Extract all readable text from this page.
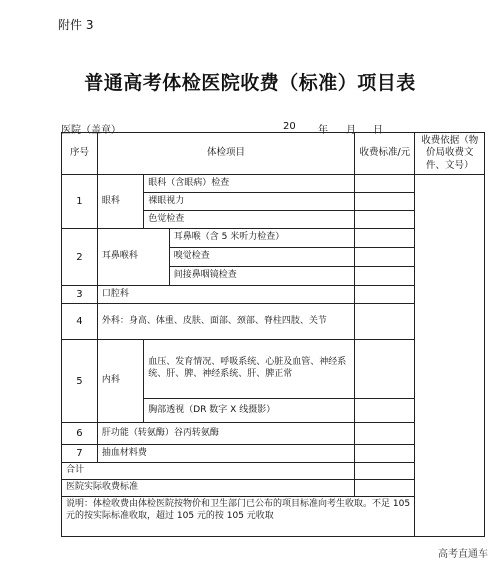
附件 3
普通高考体检医院收费（标准）项目表
医院（盖章）	20 年 月 日
序号	体检项目			收费标准/元	收费依据（物价局收费文件、文号）
1	眼科	眼科（含眼病）检查			
		裸眼视力			
		色觉检查			
2	耳鼻喉科		耳鼻喉（含 5 米听力检查）		
			嗅觉检查		
			间接鼻咽镜检查		
3	口腔科				
4	外科：身高、体重、皮肤、面部、颈部、脊柱四肢、关节				
5	内科	血压、发育情况、呼吸系统、心脏及血管、神经系统、肝、脾、神经系统、肝、脾正常			
		胸部透视（DR 数字 X 线摄影）			
6	肝功能（转氨酶）谷丙转氨酶				
7	抽血材料费				
合计					
医院实际收费标准					
说明：体检收费由体检医院按物价和卫生部门已公布的项目标准向考生收取。不足 105 元的按实际标准收取，超过 105 元的按 105 元收取					
高考直通车
